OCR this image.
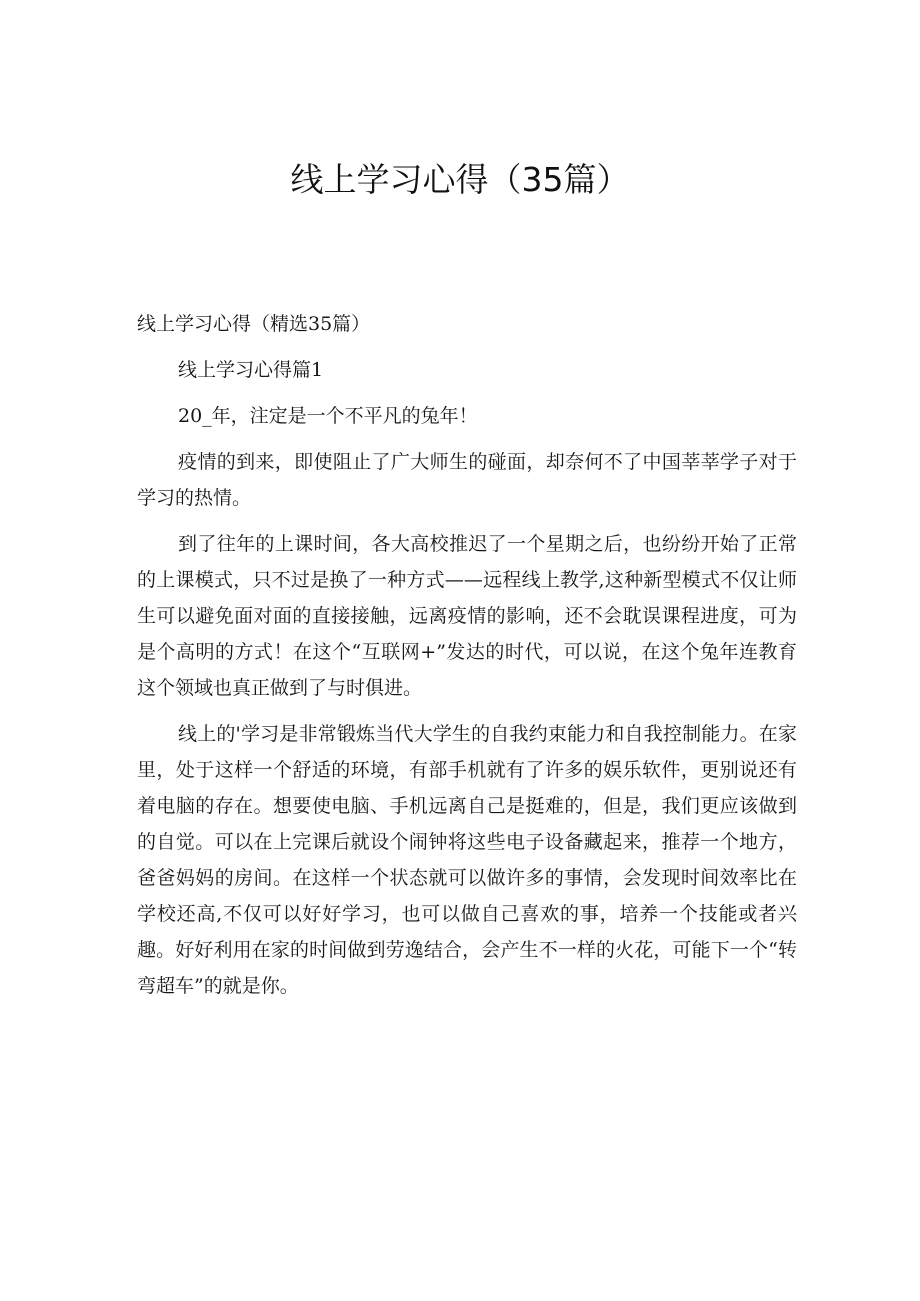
线上学习心得（35篇）

线上学习心得（精选35篇）

线上学习心得篇1

20_年，注定是一个不平凡的兔年！

疫情的到来，即使阻止了广大师生的碰面，却奈何不了中国莘莘学子对于学习的热情。

到了往年的上课时间，各大高校推迟了一个星期之后，也纷纷开始了正常的上课模式，只不过是换了一种方式——远程线上教学,这种新型模式不仅让师生可以避免面对面的直接接触，远离疫情的影响，还不会耽误课程进度，可为是个高明的方式！在这个“互联网+”发达的时代，可以说，在这个兔年连教育这个领域也真正做到了与时俱进。

线上的'学习是非常锻炼当代大学生的自我约束能力和自我控制能力。在家里，处于这样一个舒适的环境，有部手机就有了许多的娱乐软件，更别说还有着电脑的存在。想要使电脑、手机远离自己是挺难的，但是，我们更应该做到的自觉。可以在上完课后就设个闹钟将这些电子设备藏起来，推荐一个地方，爸爸妈妈的房间。在这样一个状态就可以做许多的事情，会发现时间效率比在学校还高,不仅可以好好学习，也可以做自己喜欢的事，培养一个技能或者兴趣。好好利用在家的时间做到劳逸结合，会产生不一样的火花，可能下一个“转弯超车”的就是你。
